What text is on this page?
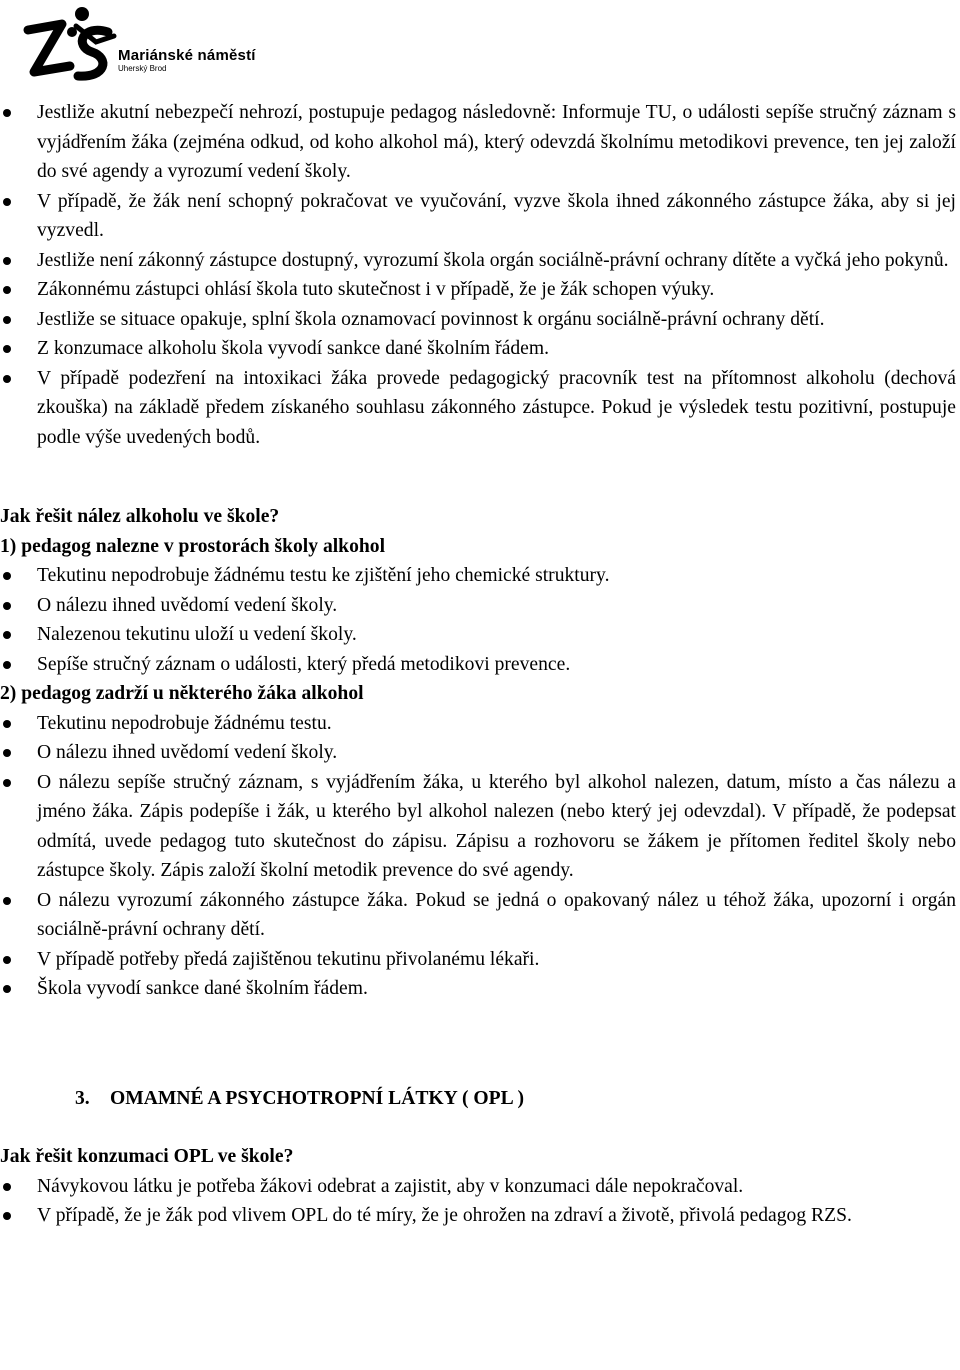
Mariánské náměstí
Uherský Brod
Jestliže akutní nebezpečí nehrozí, postupuje pedagog následovně: Informuje TU, o události sepíše stručný záznam s vyjádřením žáka (zejména odkud, od koho alkohol má), který odevzdá školnímu metodikovi prevence, ten jej založí do své agendy a vyrozumí vedení školy.
V případě, že žák není schopný pokračovat ve vyučování, vyzve škola ihned zákonného zástupce žáka, aby si jej vyzvedl.
Jestliže není zákonný zástupce dostupný, vyrozumí škola orgán sociálně-právní ochrany dítěte a vyčká jeho pokynů.
Zákonnému zástupci ohlásí škola tuto skutečnost i v případě, že je žák schopen výuky.
Jestliže se situace opakuje, splní škola oznamovací povinnost k orgánu sociálně-právní ochrany dětí.
Z konzumace alkoholu škola vyvodí sankce dané školním řádem.
V případě podezření na intoxikaci žáka provede pedagogický pracovník test na přítomnost alkoholu (dechová zkouška) na základě předem získaného souhlasu zákonného zástupce. Pokud je výsledek testu pozitivní, postupuje podle výše uvedených bodů.
Jak řešit nález alkoholu ve škole?
1) pedagog nalezne v prostorách školy alkohol
Tekutinu nepodrobuje žádnému testu ke zjištění jeho chemické struktury.
O nálezu ihned uvědomí vedení školy.
Nalezenou tekutinu uloží u vedení školy.
Sepíše stručný záznam o události, který předá metodikovi prevence.
2) pedagog zadrží u některého žáka alkohol
Tekutinu nepodrobuje žádnému testu.
O nálezu ihned uvědomí vedení školy.
O nálezu sepíše stručný záznam, s vyjádřením žáka, u kterého byl alkohol nalezen, datum, místo a čas nálezu a jméno žáka. Zápis podepíše i žák, u kterého byl alkohol nalezen (nebo který jej odevzdal). V případě, že podepsat odmítá, uvede pedagog tuto skutečnost do zápisu. Zápisu a rozhovoru se žákem je přítomen ředitel školy nebo zástupce školy. Zápis založí školní metodik prevence do své agendy.
O nálezu vyrozumí zákonného zástupce žáka. Pokud se jedná o opakovaný nález u téhož žáka, upozorní i orgán sociálně-právní ochrany dětí.
V případě potřeby předá zajištěnou tekutinu přivolanému lékaři.
Škola vyvodí sankce dané školním řádem.
3. OMAMNÉ A PSYCHOTROPNÍ LÁTKY ( OPL )
Jak řešit konzumaci OPL ve škole?
Návykovou látku je potřeba žákovi odebrat a zajistit, aby v konzumaci dále nepokračoval.
V případě, že je žák pod vlivem OPL do té míry, že je ohrožen na zdraví a životě, přivolá pedagog RZS.
